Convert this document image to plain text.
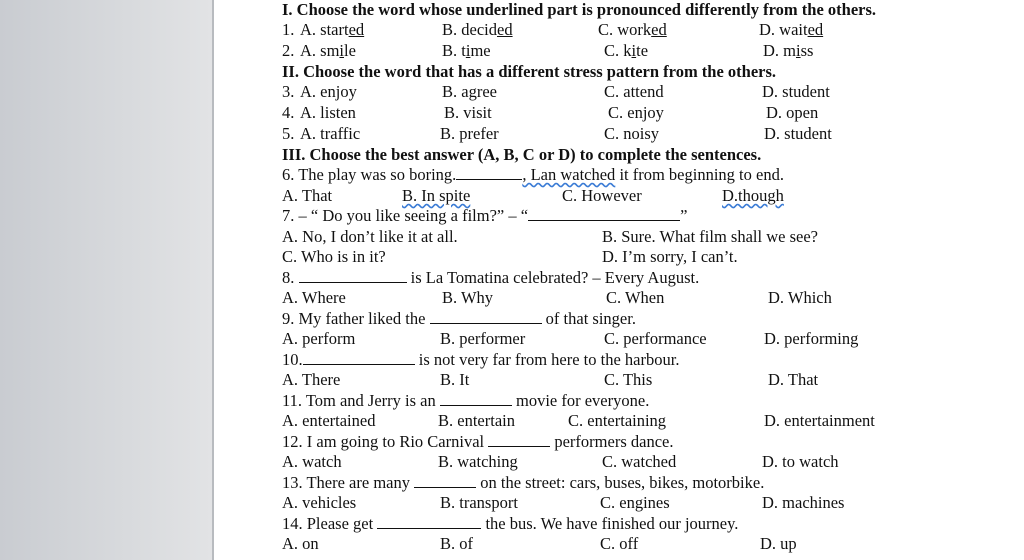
I. Choose the word whose underlined part is pronounced differently from the others.
1. A. started	B. decided	C. worked	D. waited
2. A. smile	B. time	C. kite	D. miss
II. Choose the word that has a different stress pattern from the others.
3. A. enjoy	B. agree	C. attend	D. student
4. A. listen	B. visit	C. enjoy	D. open
5. A. traffic	B. prefer	C. noisy	D. student
III. Choose the best answer (A, B, C or D) to complete the sentences.
6. The play was so boring.	, Lan watched it from beginning to end.
A. That	B. In spite	C. However	D.though
7. – “ Do you like seeing a film?” – “	”
A. No, I don’t like it at all.	B. Sure. What film shall we see?
C. Who is in it?	D. I’m sorry, I can’t.
8.	is La Tomatina celebrated? – Every August.
A. Where	B. Why	C. When	D. Which
9. My father liked the	of that singer.
A. perform	B. performer	C. performance	D. performing
10.	is not very far from here to the harbour.
A. There	B. It	C. This	D. That
11. Tom and Jerry is an	movie for everyone.
A. entertained	B. entertain	C. entertaining	D. entertainment
12. I am going to Rio Carnival	performers dance.
A. watch	B. watching	C. watched	D. to watch
13. There are many	on the street: cars, buses, bikes, motorbike.
A. vehicles	B. transport	C. engines	D. machines
14. Please get	the bus. We have finished our journey.
A. on	B. of	C. off	D. up
